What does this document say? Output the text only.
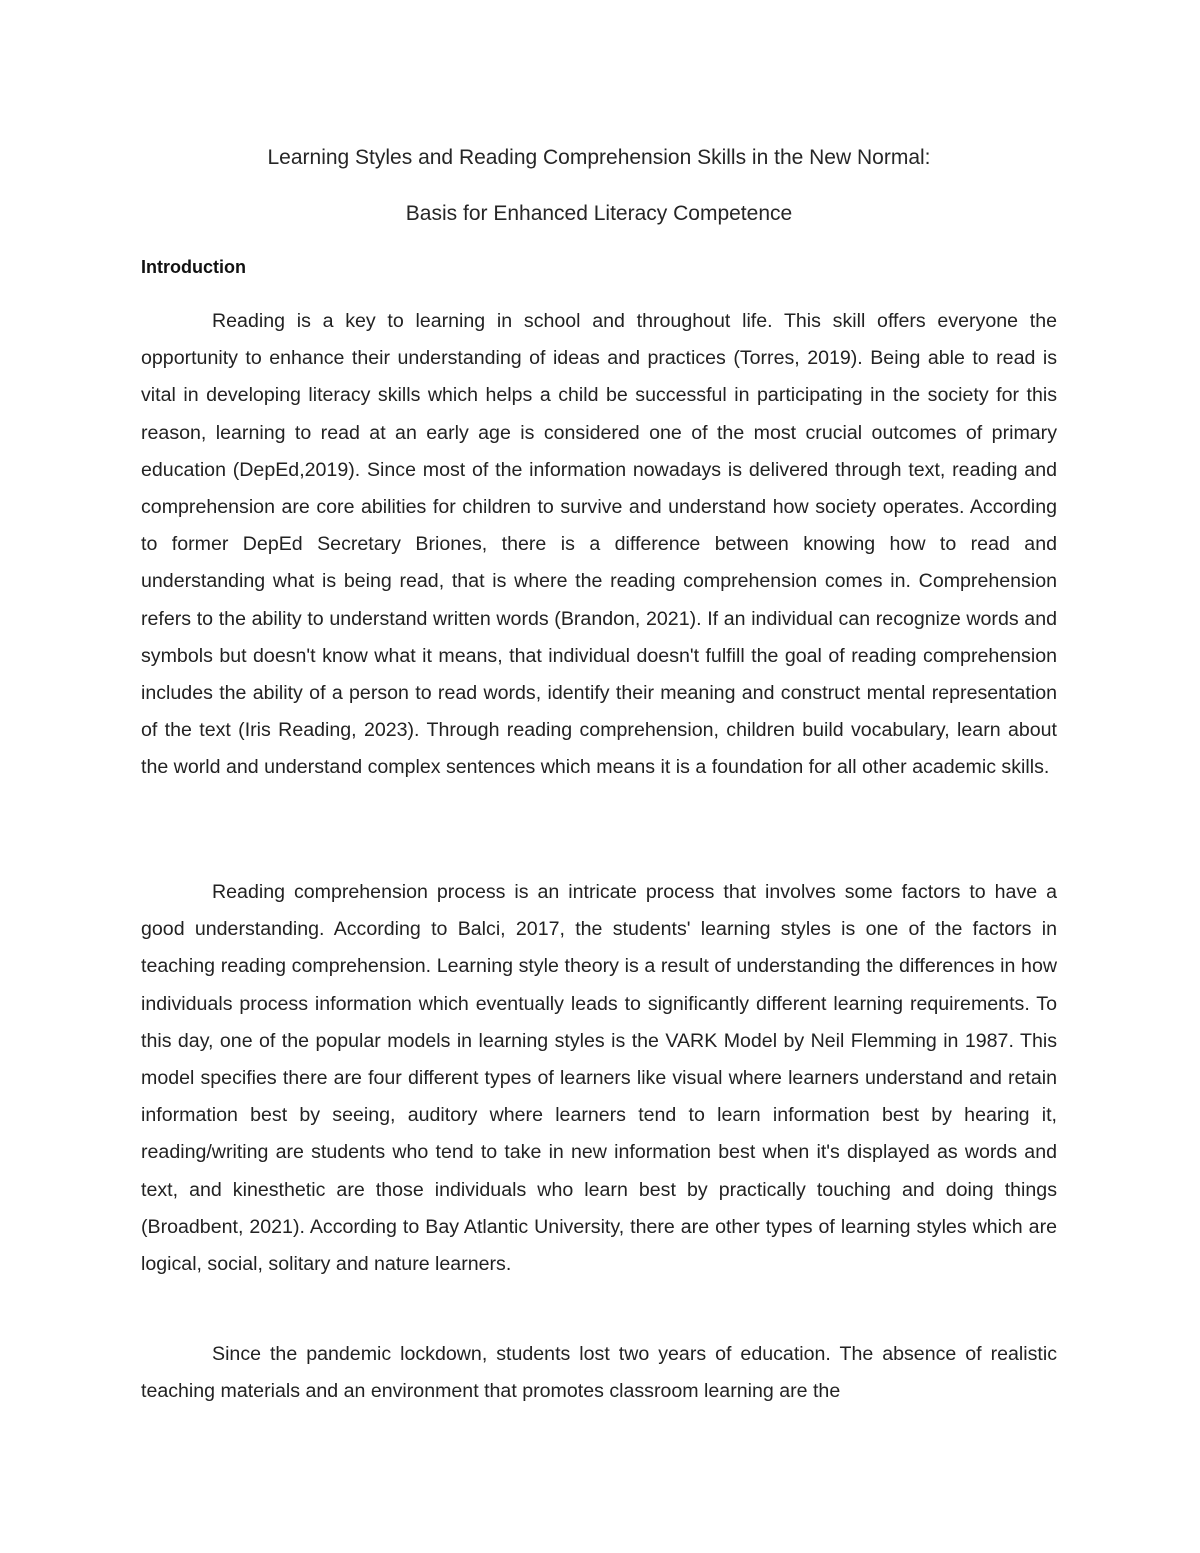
Learning Styles and Reading Comprehension Skills in the New Normal:
Basis for Enhanced Literacy Competence
Introduction

Reading is a key to learning in school and throughout life. This skill offers everyone the opportunity to enhance their understanding of ideas and practices (Torres, 2019). Being able to read is vital in developing literacy skills which helps a child be successful in participating in the society for this reason, learning to read at an early age is considered one of the most crucial outcomes of primary education (DepEd,2019). Since most of the information nowadays is delivered through text, reading and comprehension are core abilities for children to survive and understand how society operates. According to former DepEd Secretary Briones, there is a difference between knowing how to read and understanding what is being read, that is where the reading comprehension comes in. Comprehension refers to the ability to understand written words (Brandon, 2021). If an individual can recognize words and symbols but doesn't know what it means, that individual doesn't fulfill the goal of reading comprehension includes the ability of a person to read words, identify their meaning and construct mental representation of the text (Iris Reading, 2023). Through reading comprehension, children build vocabulary, learn about the world and understand complex sentences which means it is a foundation for all other academic skills.

Reading comprehension process is an intricate process that involves some factors to have a good understanding. According to Balci, 2017, the students' learning styles is one of the factors in teaching reading comprehension. Learning style theory is a result of understanding the differences in how individuals process information which eventually leads to significantly different learning requirements. To this day, one of the popular models in learning styles is the VARK Model by Neil Flemming in 1987. This model specifies there are four different types of learners like visual where learners understand and retain information best by seeing, auditory where learners tend to learn information best by hearing it, reading/writing are students who tend to take in new information best when it's displayed as words and text, and kinesthetic are those individuals who learn best by practically touching and doing things (Broadbent, 2021). According to Bay Atlantic University, there are other types of learning styles which are logical, social, solitary and nature learners.

Since the pandemic lockdown, students lost two years of education. The absence of realistic teaching materials and an environment that promotes classroom learning are the
